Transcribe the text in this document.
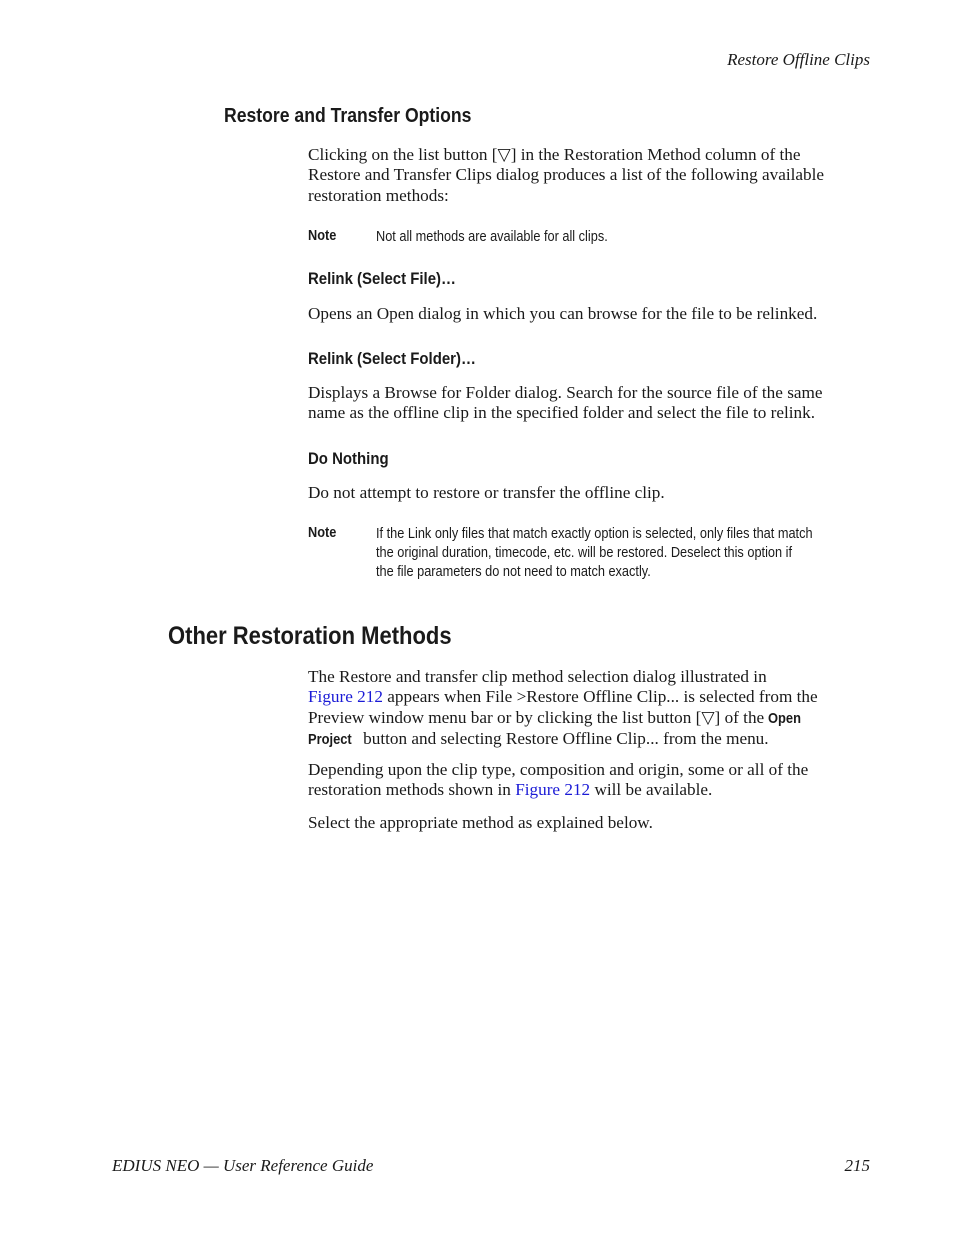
Restore Offline Clips
Restore and Transfer Options
Clicking on the list button [▽] in the Restoration Method column of the
Restore and Transfer Clips dialog produces a list of the following available
restoration methods:
Note	Not all methods are available for all clips.
Relink (Select File)…
Opens an Open dialog in which you can browse for the file to be relinked.
Relink (Select Folder)…
Displays a Browse for Folder dialog. Search for the source file of the same
name as the offline clip in the specified folder and select the file to relink.
Do Nothing
Do not attempt to restore or transfer the offline clip.
Note	If the Link only files that match exactly option is selected, only files that match
the original duration, timecode, etc. will be restored. Deselect this option if
the file parameters do not need to match exactly.
Other Restoration Methods
The Restore and transfer clip method selection dialog illustrated in
Figure 212 appears when File >Restore Offline Clip... is selected from the
Preview window menu bar or by clicking the list button [▽] of the Open
Project button and selecting Restore Offline Clip... from the menu.
Depending upon the clip type, composition and origin, some or all of the
restoration methods shown in Figure 212 will be available.
Select the appropriate method as explained below.
EDIUS NEO — User Reference Guide	215
